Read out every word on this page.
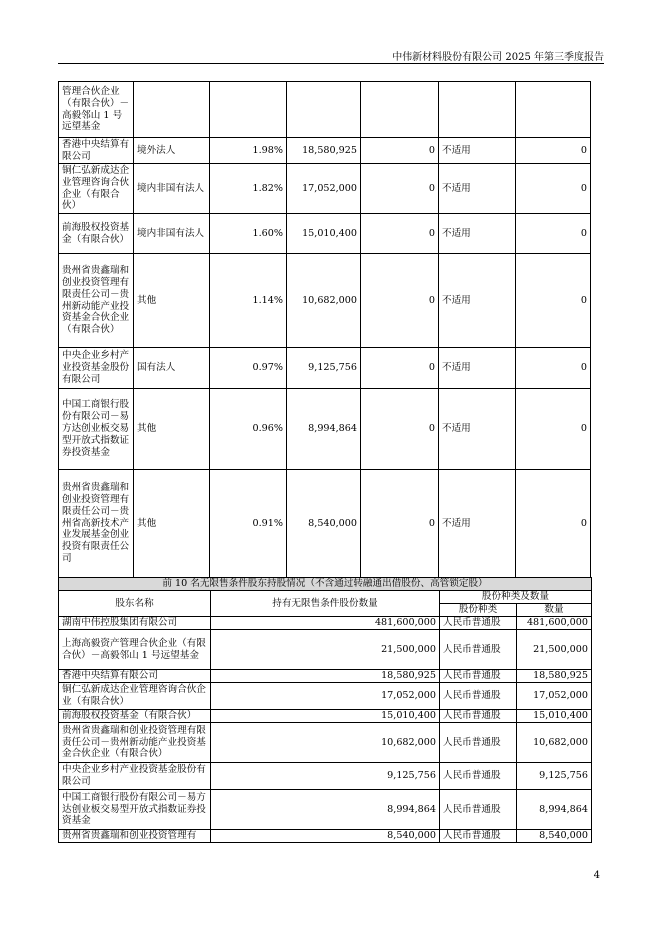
中伟新材料股份有限公司 2025 年第三季度报告
管理合伙企业（有限合伙）－高毅邻山 1 号远望基金						
香港中央结算有限公司	境外法人	1.98%	18,580,925	0	不适用	0
铜仁弘新成达企业管理咨询合伙企业（有限合伙）	境内非国有法人	1.82%	17,052,000	0	不适用	0
前海股权投资基金（有限合伙）	境内非国有法人	1.60%	15,010,400	0	不适用	0
贵州省贵鑫瑞和创业投资管理有限责任公司－贵州新动能产业投资基金合伙企业（有限合伙）	其他	1.14%	10,682,000	0	不适用	0
中央企业乡村产业投资基金股份有限公司	国有法人	0.97%	9,125,756	0	不适用	0
中国工商银行股份有限公司－易方达创业板交易型开放式指数证券投资基金	其他	0.96%	8,994,864	0	不适用	0
贵州省贵鑫瑞和创业投资管理有限责任公司－贵州省高新技术产业发展基金创业投资有限责任公司	其他	0.91%	8,540,000	0	不适用	0
前 10 名无限售条件股东持股情况（不含通过转融通出借股份、高管锁定股）			
股东名称	持有无限售条件股份数量	股份种类及数量	
		股份种类	数量
湖南中伟控股集团有限公司	481,600,000	人民币普通股	481,600,000
上海高毅资产管理合伙企业（有限合伙）－高毅邻山 1 号远望基金	21,500,000	人民币普通股	21,500,000
香港中央结算有限公司	18,580,925	人民币普通股	18,580,925
铜仁弘新成达企业管理咨询合伙企业（有限合伙）	17,052,000	人民币普通股	17,052,000
前海股权投资基金（有限合伙）	15,010,400	人民币普通股	15,010,400
贵州省贵鑫瑞和创业投资管理有限责任公司－贵州新动能产业投资基金合伙企业（有限合伙）	10,682,000	人民币普通股	10,682,000
中央企业乡村产业投资基金股份有限公司	9,125,756	人民币普通股	9,125,756
中国工商银行股份有限公司－易方达创业板交易型开放式指数证券投资基金	8,994,864	人民币普通股	8,994,864
贵州省贵鑫瑞和创业投资管理有	8,540,000	人民币普通股	8,540,000
4
